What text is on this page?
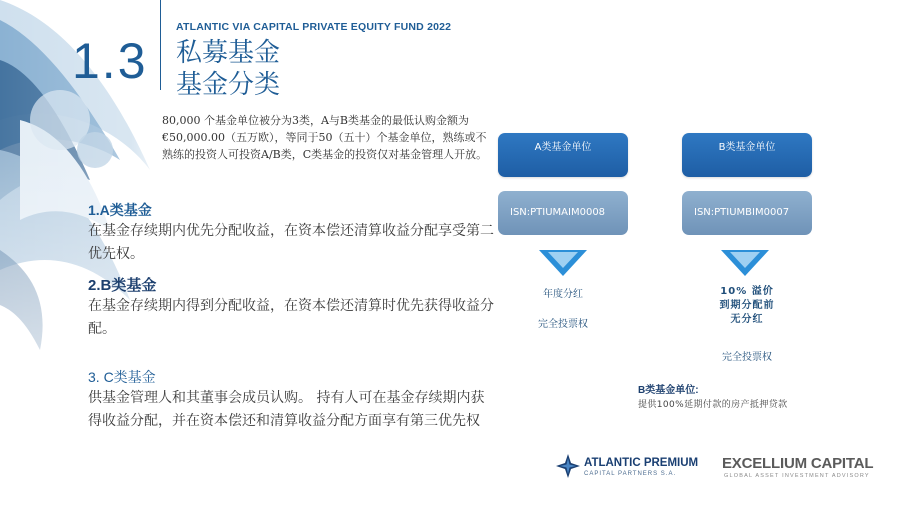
ATLANTIC VIA CAPITAL PRIVATE EQUITY FUND 2022
1.3 私募基金
基金分类
80,000 个基金单位被分为3类，A与B类基金的最低认购金额为€50,000.00（五万欧），等同于50（五十）个基金单位，熟练或不熟练的投资人可投资A/B类，C类基金的投资仅对基金管理人开放。
1.A类基金
在基金存续期内优先分配收益，在资本偿还清算收益分配享受第二优先权。
2.B类基金
在基金存续期内得到分配收益，在资本偿还清算时优先获得收益分配。
3. C类基金
供基金管理人和其董事会成员认购。 持有人可在基金存续期内获得收益分配，并在资本偿还和清算收益分配方面享有第三优先权
A类基金单位
ISN:PTIUMAIM0008
年度分红
完全投票权
B类基金单位
ISN:PTIUMBIM0007
10% 溢价
到期分配前
无分红
完全投票权
B类基金单位:
提供100%延期付款的房产抵押贷款
ATLANTIC PREMIUM
CAPITAL PARTNERS S.A.
EXCELLIUM CAPITAL
GLOBAL ASSET INVESTMENT ADVISORY
